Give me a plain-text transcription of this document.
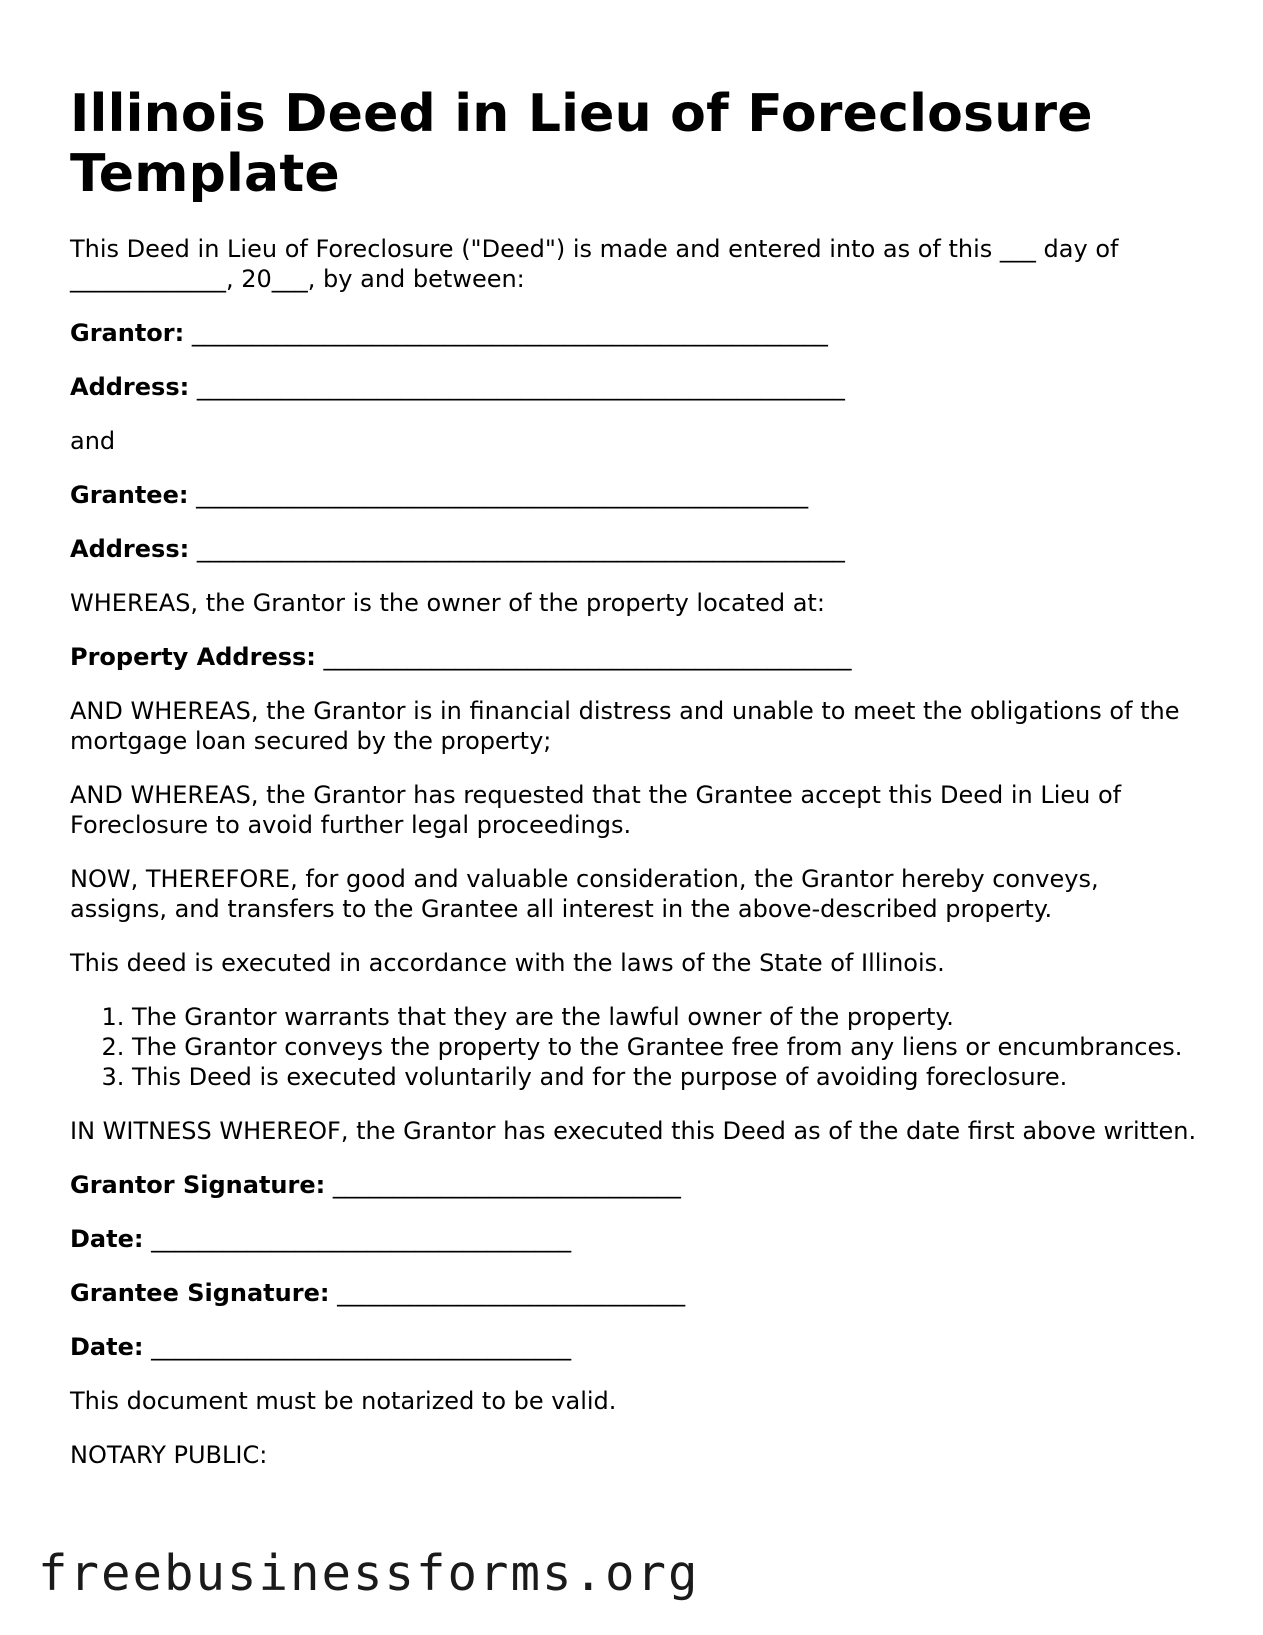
Illinois Deed in Lieu of Foreclosure Template

This Deed in Lieu of Foreclosure ("Deed") is made and entered into as of this ___ day of _____________, 20___, by and between:

Grantor: _____________________________________________________

Address: ______________________________________________________

and

Grantee: ___________________________________________________

Address: ______________________________________________________

WHEREAS, the Grantor is the owner of the property located at:

Property Address: ____________________________________________

AND WHEREAS, the Grantor is in financial distress and unable to meet the obligations of the mortgage loan secured by the property;

AND WHEREAS, the Grantor has requested that the Grantee accept this Deed in Lieu of Foreclosure to avoid further legal proceedings.

NOW, THEREFORE, for good and valuable consideration, the Grantor hereby conveys, assigns, and transfers to the Grantee all interest in the above-described property.

This deed is executed in accordance with the laws of the State of Illinois.

1. The Grantor warrants that they are the lawful owner of the property.
2. The Grantor conveys the property to the Grantee free from any liens or encumbrances.
3. This Deed is executed voluntarily and for the purpose of avoiding foreclosure.

IN WITNESS WHEREOF, the Grantor has executed this Deed as of the date first above written.

Grantor Signature: _____________________________

Date: ___________________________________

Grantee Signature: _____________________________

Date: ___________________________________

This document must be notarized to be valid.

NOTARY PUBLIC:

freebusinessforms.org
